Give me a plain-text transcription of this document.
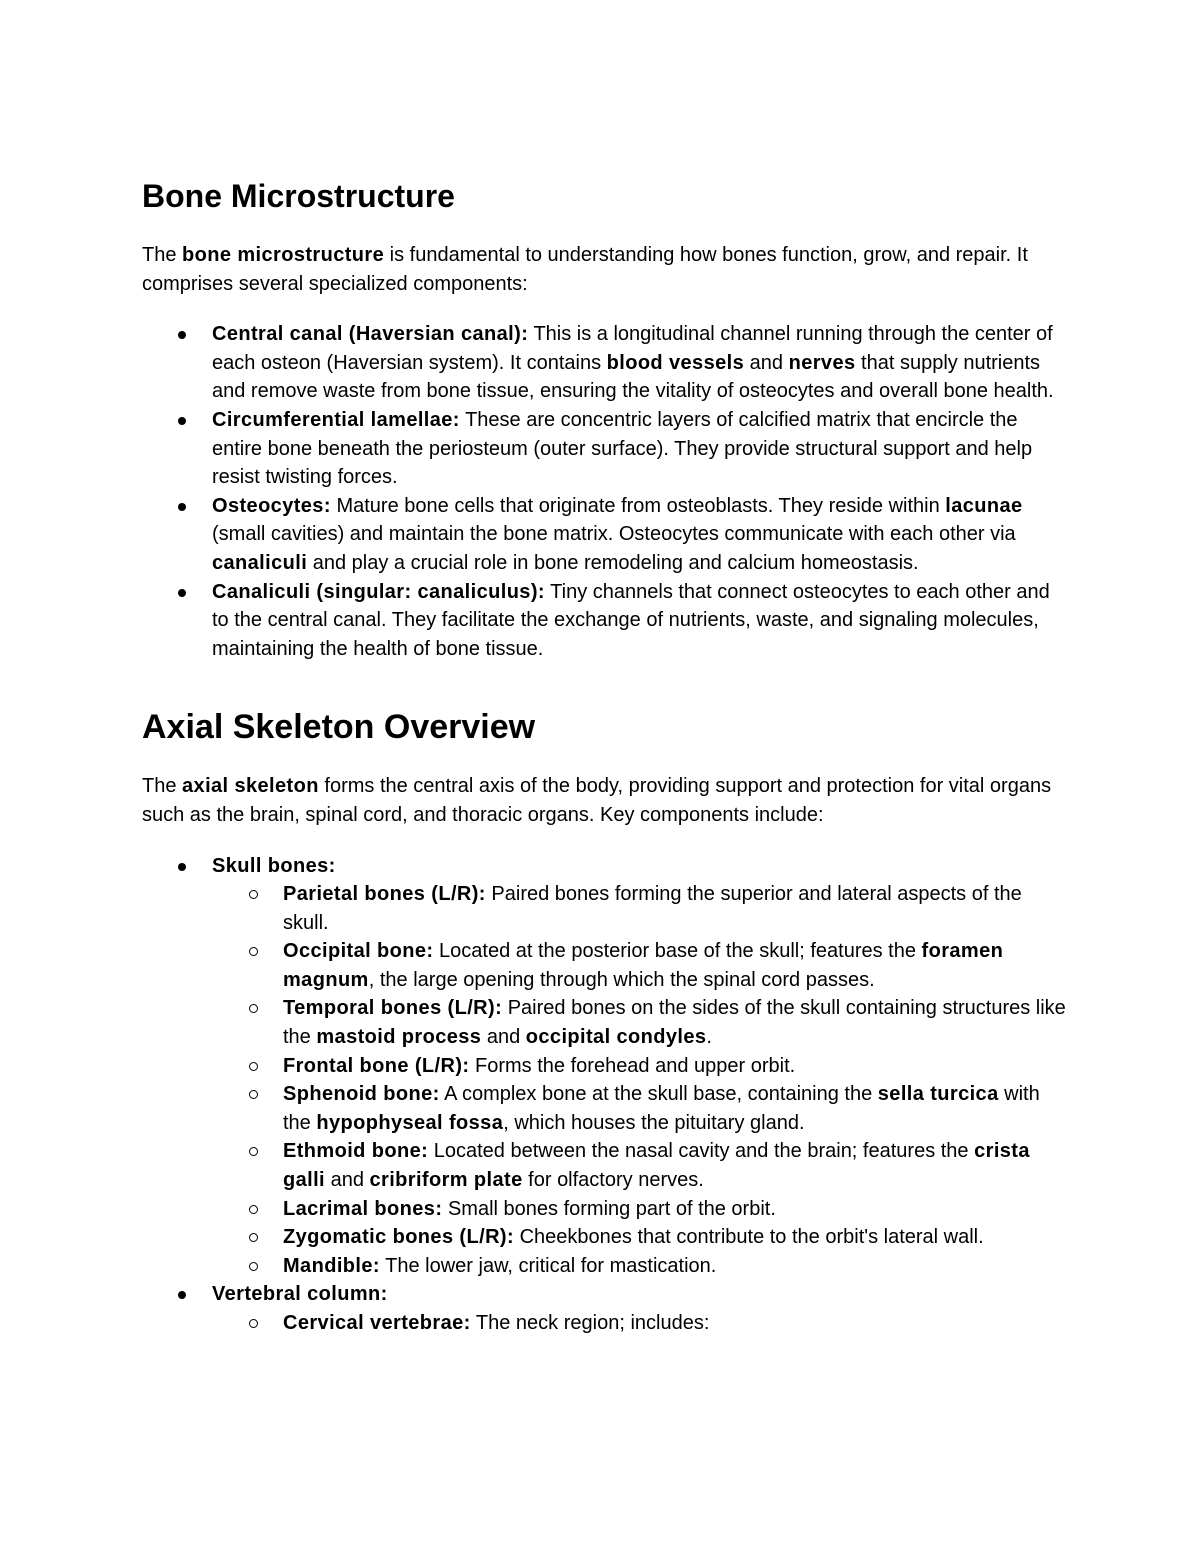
Bone Microstructure

The bone microstructure is fundamental to understanding how bones function, grow, and repair. It comprises several specialized components:

Central canal (Haversian canal): This is a longitudinal channel running through the center of each osteon (Haversian system). It contains blood vessels and nerves that supply nutrients and remove waste from bone tissue, ensuring the vitality of osteocytes and overall bone health.
Circumferential lamellae: These are concentric layers of calcified matrix that encircle the entire bone beneath the periosteum (outer surface). They provide structural support and help resist twisting forces.
Osteocytes: Mature bone cells that originate from osteoblasts. They reside within lacunae (small cavities) and maintain the bone matrix. Osteocytes communicate with each other via canaliculi and play a crucial role in bone remodeling and calcium homeostasis.
Canaliculi (singular: canaliculus): Tiny channels that connect osteocytes to each other and to the central canal. They facilitate the exchange of nutrients, waste, and signaling molecules, maintaining the health of bone tissue.
Axial Skeleton Overview

The axial skeleton forms the central axis of the body, providing support and protection for vital organs such as the brain, spinal cord, and thoracic organs. Key components include:

Skull bones:
Parietal bones (L/R): Paired bones forming the superior and lateral aspects of the skull.
Occipital bone: Located at the posterior base of the skull; features the foramen magnum, the large opening through which the spinal cord passes.
Temporal bones (L/R): Paired bones on the sides of the skull containing structures like the mastoid process and occipital condyles.
Frontal bone (L/R): Forms the forehead and upper orbit.
Sphenoid bone: A complex bone at the skull base, containing the sella turcica with the hypophyseal fossa, which houses the pituitary gland.
Ethmoid bone: Located between the nasal cavity and the brain; features the crista galli and cribriform plate for olfactory nerves.
Lacrimal bones: Small bones forming part of the orbit.
Zygomatic bones (L/R): Cheekbones that contribute to the orbit's lateral wall.
Mandible: The lower jaw, critical for mastication.
Vertebral column:
Cervical vertebrae: The neck region; includes:
